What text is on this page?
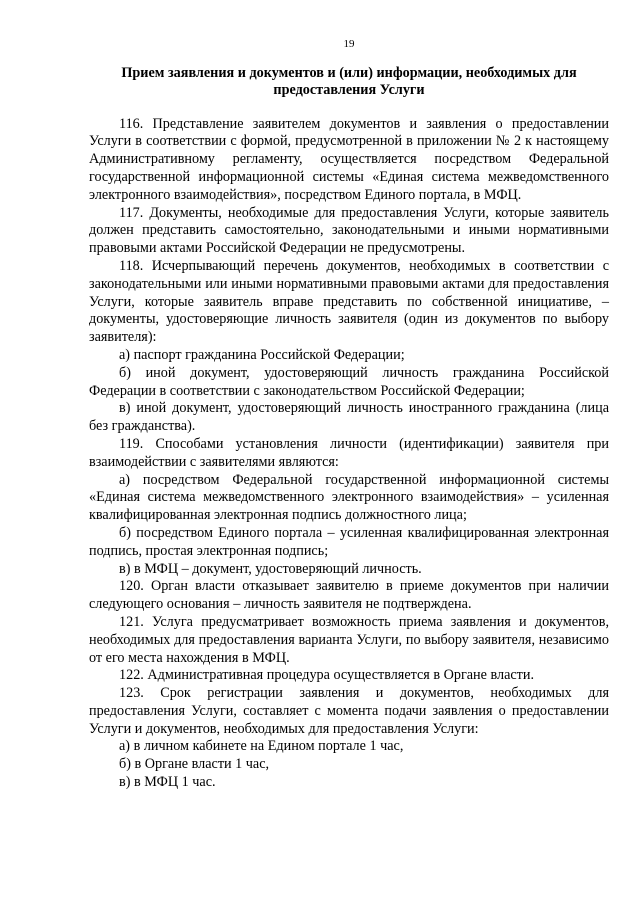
19
Прием заявления и документов и (или) информации, необходимых для
предоставления Услуги

116. Представление заявителем документов и заявления о предоставлении Услуги в соответствии с формой, предусмотренной в приложении № 2 к настоящему Административному регламенту, осуществляется посредством Федеральной государственной информационной системы «Единая система межведомственного электронного взаимодействия», посредством Единого портала, в МФЦ.

117. Документы, необходимые для предоставления Услуги, которые заявитель должен представить самостоятельно, законодательными и иными нормативными правовыми актами Российской Федерации не предусмотрены.

118. Исчерпывающий перечень документов, необходимых в соответствии с законодательными или иными нормативными правовыми актами для предоставления Услуги, которые заявитель вправе представить по собственной инициативе, – документы, удостоверяющие личность заявителя (один из документов по выбору заявителя):

а) паспорт гражданина Российской Федерации;

б) иной документ, удостоверяющий личность гражданина Российской Федерации в соответствии с законодательством Российской Федерации;

в) иной документ, удостоверяющий личность иностранного гражданина (лица без гражданства).

119. Способами установления личности (идентификации) заявителя при взаимодействии с заявителями являются:

а) посредством Федеральной государственной информационной системы «Единая система межведомственного электронного взаимодействия» – усиленная квалифицированная электронная подпись должностного лица;

б) посредством Единого портала – усиленная квалифицированная электронная подпись, простая электронная подпись;

в) в МФЦ – документ, удостоверяющий личность.

120. Орган власти отказывает заявителю в приеме документов при наличии следующего основания – личность заявителя не подтверждена.

121. Услуга предусматривает возможность приема заявления и документов, необходимых для предоставления варианта Услуги, по выбору заявителя, независимо от его места нахождения в МФЦ.

122. Административная процедура осуществляется в Органе власти.

123. Срок регистрации заявления и документов, необходимых для предоставления Услуги, составляет с момента подачи заявления о предоставлении Услуги и документов, необходимых для предоставления Услуги:

а) в личном кабинете на Едином портале 1 час,

б) в Органе власти 1 час,

в) в МФЦ 1 час.
